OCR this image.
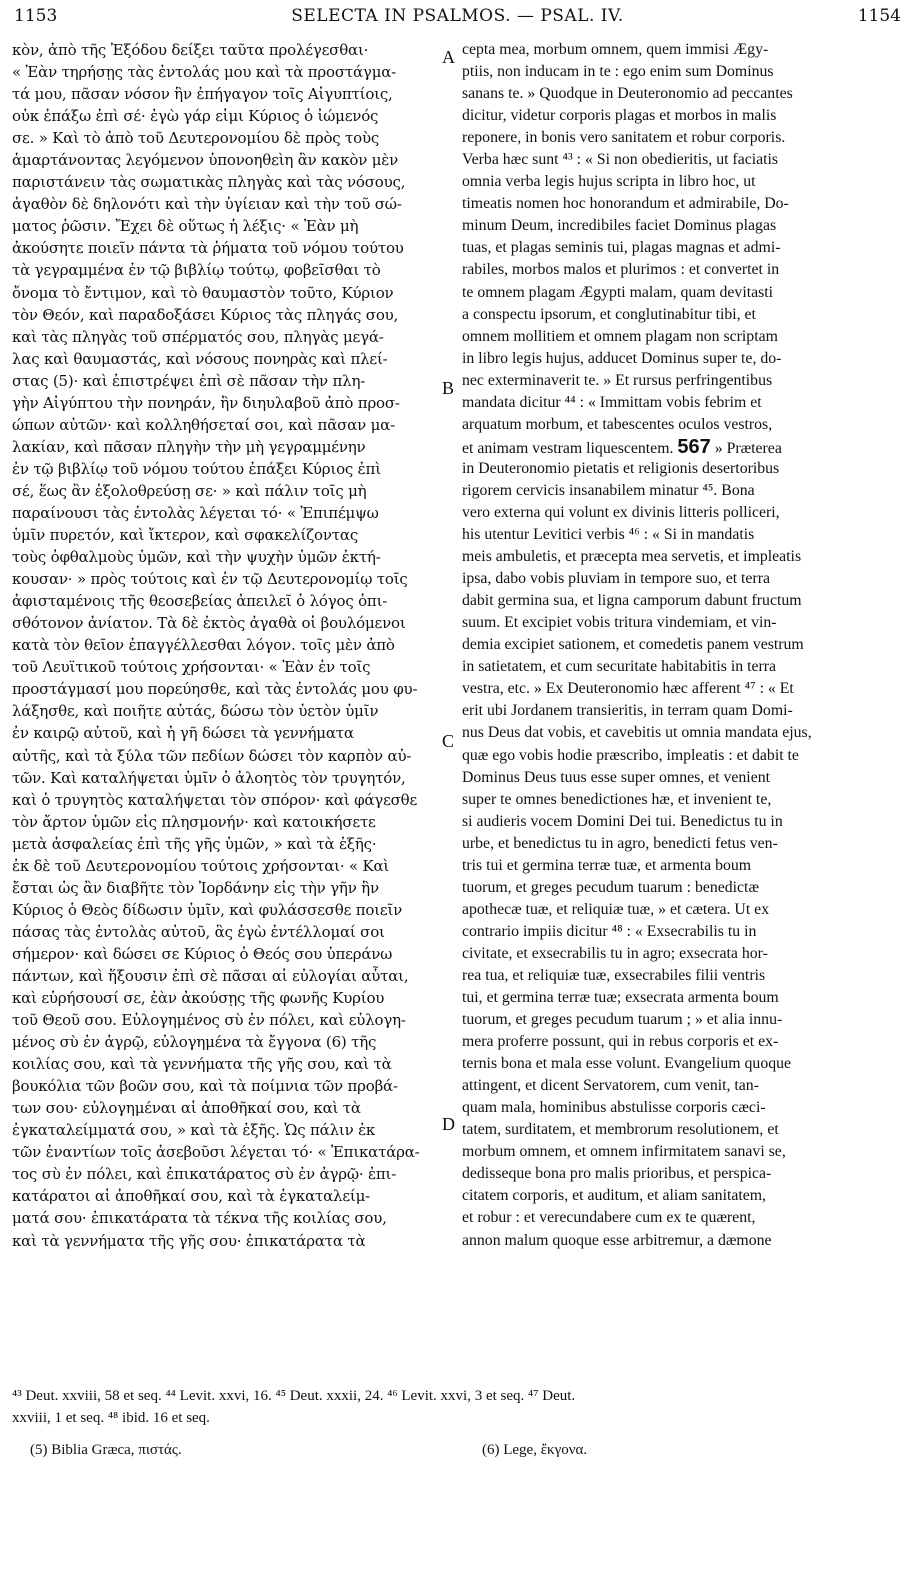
1153	SELECTA IN PSALMOS. — PSAL. IV.	1154
κὸν, ἀπὸ τῆς Ἐξόδου δείξει ταῦτα προλέγεσθαι·
« Ἐὰν τηρήσῃς τὰς ἐντολάς μου καὶ τὰ προστάγμα-
τά μου, πᾶσαν νόσον ἣν ἐπήγαγον τοῖς Αἰγυπτίοις,
οὐκ ἐπάξω ἐπὶ σέ· ἐγὼ γάρ εἰμι Κύριος ὁ ἰώμενός
σε. » Καὶ τὸ ἀπὸ τοῦ Δευτερονομίου δὲ πρὸς τοὺς
ἁμαρτάνοντας λεγόμενον ὑπονοηθεὶη ἂν κακὸν μὲν
παριστάνειν τὰς σωματικὰς πληγὰς καὶ τὰς νόσους,
ἀγαθὸν δὲ δηλονότι καὶ τὴν ὑγίειαν καὶ τὴν τοῦ σώ-
ματος ῥῶσιν. Ἔχει δὲ οὕτως ἡ λέξις· « Ἐὰν μὴ
ἀκούσητε ποιεῖν πάντα τὰ ῥήματα τοῦ νόμου τούτου
τὰ γεγραμμένα ἐν τῷ βιβλίῳ τούτῳ, φοβεῖσθαι τὸ
ὄνομα τὸ ἔντιμον, καὶ τὸ θαυμαστὸν τοῦτο, Κύριον
τὸν Θεόν, καὶ παραδοξάσει Κύριος τὰς πληγάς σου,
καὶ τὰς πληγὰς τοῦ σπέρματός σου, πληγὰς μεγά-
λας καὶ θαυμαστάς, καὶ νόσους πονηρὰς καὶ πλεί-
στας (5)· καὶ ἐπιστρέψει ἐπὶ σὲ πᾶσαν τὴν πλη-
γὴν Αἰγύπτου τὴν πονηράν, ἣν διηυλαβοῦ ἀπὸ προσ-
ώπων αὐτῶν· καὶ κολληθήσεταί σοι, καὶ πᾶσαν μα-
λακίαν, καὶ πᾶσαν πληγὴν τὴν μὴ γεγραμμένην
ἐν τῷ βιβλίῳ τοῦ νόμου τούτου ἐπάξει Κύριος ἐπὶ
σέ, ἕως ἂν ἐξολοθρεύσῃ σε· » καὶ πάλιν τοῖς μὴ
παραίνουσι τὰς ἐντολὰς λέγεται τό· « Ἐπιπέμψω
ὑμῖν πυρετόν, καὶ ἴκτερον, καὶ σφακελίζοντας
τοὺς ὀφθαλμοὺς ὑμῶν, καὶ τὴν ψυχὴν ὑμῶν ἐκτή-
κουσαν· » πρὸς τούτοις καὶ ἐν τῷ Δευτερονομίῳ τοῖς
ἀφισταμένοις τῆς θεοσεβείας ἀπειλεῖ ὁ λόγος ὀπι-
σθότονον ἀνίατον. Τὰ δὲ ἐκτὸς ἀγαθὰ οἱ βουλόμενοι
κατὰ τὸν θεῖον ἐπαγγέλλεσθαι λόγον. τοῖς μὲν ἀπὸ
τοῦ Λευϊτικοῦ τούτοις χρήσονται· « Ἐὰν ἐν τοῖς
προστάγμασί μου πορεύησθε, καὶ τὰς ἐντολάς μου φυ-
λάξησθε, καὶ ποιῆτε αὐτάς, δώσω τὸν ὑετὸν ὑμῖν
ἐν καιρῷ αὐτοῦ, καὶ ἡ γῆ δώσει τὰ γεννήματα
αὐτῆς, καὶ τὰ ξύλα τῶν πεδίων δώσει τὸν καρπὸν αὐ-
τῶν. Καὶ καταλήψεται ὑμῖν ὁ ἀλοητὸς τὸν τρυγητόν,
καὶ ὁ τρυγητὸς καταλήψεται τὸν σπόρον· καὶ φάγεσθε
τὸν ἄρτον ὑμῶν εἰς πλησμονήν· καὶ κατοικήσετε
μετὰ ἀσφαλείας ἐπὶ τῆς γῆς ὑμῶν, » καὶ τὰ ἑξῆς·
ἐκ δὲ τοῦ Δευτερονομίου τούτοις χρήσονται· « Καὶ
ἔσται ὡς ἂν διαβῆτε τὸν Ἰορδάνην εἰς τὴν γῆν ἣν
Κύριος ὁ Θεὸς δίδωσιν ὑμῖν, καὶ φυλάσσεσθε ποιεῖν
πάσας τὰς ἐντολὰς αὐτοῦ, ἃς ἐγὼ ἐντέλλομαί σοι
σήμερον· καὶ δώσει σε Κύριος ὁ Θεός σου ὑπεράνω
πάντων, καὶ ἥξουσιν ἐπὶ σὲ πᾶσαι αἱ εὐλογίαι αὗται,
καὶ εὑρήσουσί σε, ἐὰν ἀκούσῃς τῆς φωνῆς Κυρίου
τοῦ Θεοῦ σου. Εὐλογημένος σὺ ἐν πόλει, καὶ εὐλογη-
μένος σὺ ἐν ἀγρῷ, εὐλογημένα τὰ ἔγγονα (6) τῆς
κοιλίας σου, καὶ τὰ γεννήματα τῆς γῆς σου, καὶ τὰ
βουκόλια τῶν βοῶν σου, καὶ τὰ ποίμνια τῶν προβά-
των σου· εὐλογημέναι αἱ ἀποθῆκαί σου, καὶ τὰ
ἐγκαταλείμματά σου, » καὶ τὰ ἑξῆς. Ὡς πάλιν ἐκ
τῶν ἐναντίων τοῖς ἀσεβοῦσι λέγεται τό· « Ἐπικατάρα-
τος σὺ ἐν πόλει, καὶ ἐπικατάρατος σὺ ἐν ἀγρῷ· ἐπι-
κατάρατοι αἱ ἀποθῆκαί σου, καὶ τὰ ἐγκαταλείμ-
ματά σου· ἐπικατάρατα τὰ τέκνα τῆς κοιλίας σου,
καὶ τὰ γεννήματα τῆς γῆς σου· ἐπικατάρατα τὰ
cepta mea, morbum omnem, quem immisi Ægy-
ptiis, non inducam in te : ego enim sum Dominus
sanans te. » Quodque in Deuteronomio ad peccantes
dicitur, videtur corporis plagas et morbos in malis
reponere, in bonis vero sanitatem et robur corporis.
Verba hæc sunt ⁴³ : « Si non obedieritis, ut faciatis
omnia verba legis hujus scripta in libro hoc, ut
timeatis nomen hoc honorandum et admirabile, Do-
minum Deum, incredibiles faciet Dominus plagas
tuas, et plagas seminis tui, plagas magnas et admi-
rabiles, morbos malos et plurimos : et convertet in
te omnem plagam Ægypti malam, quam devitasti
a conspectu ipsorum, et conglutinabitur tibi, et
omnem mollitiem et omnem plagam non scriptam
in libro legis hujus, adducet Dominus super te, do-
nec exterminaverit te. » Et rursus perfringentibus
mandata dicitur ⁴⁴ : « Immittam vobis febrim et
arquatum morbum, et tabescentes oculos vestros,
et animam vestram liquescentem. 567 » Præterea
in Deuteronomio pietatis et religionis desertoribus
rigorem cervicis insanabilem minatur ⁴⁵. Bona
vero externa qui volunt ex divinis litteris polliceri,
his utentur Levitici verbis ⁴⁶ : « Si in mandatis
meis ambuletis, et præcepta mea servetis, et impleatis
ipsa, dabo vobis pluviam in tempore suo, et terra
dabit germina sua, et ligna camporum dabunt fructum
suum. Et excipiet vobis tritura vindemiam, et vin-
demia excipiet sationem, et comedetis panem vestrum
in satietatem, et cum securitate habitabitis in terra
vestra, etc. » Ex Deuteronomio hæc afferent ⁴⁷ : « Et
erit ubi Jordanem transieritis, in terram quam Domi-
nus Deus dat vobis, et cavebitis ut omnia mandata ejus,
quæ ego vobis hodie præscribo, impleatis : et dabit te
Dominus Deus tuus esse super omnes, et venient
super te omnes benedictiones hæ, et invenient te,
si audieris vocem Domini Dei tui. Benedictus tu in
urbe, et benedictus tu in agro, benedicti fetus ven-
tris tui et germina terræ tuæ, et armenta boum
tuorum, et greges pecudum tuarum : benedictæ
apothecæ tuæ, et reliquiæ tuæ, » et cætera. Ut ex
contrario impiis dicitur ⁴⁸ : « Exsecrabilis tu in
civitate, et exsecrabilis tu in agro; exsecrata hor-
rea tua, et reliquiæ tuæ, exsecrabiles filii ventris
tui, et germina terræ tuæ; exsecrata armenta boum
tuorum, et greges pecudum tuarum ; » et alia innu-
mera proferre possunt, qui in rebus corporis et ex-
ternis bona et mala esse volunt. Evangelium quoque
attingent, et dicent Servatorem, cum venit, tan-
quam mala, hominibus abstulisse corporis cæci-
tatem, surditatem, et membrorum resolutionem, et
morbum omnem, et omnem infirmitatem sanavi se,
dedisseque bona pro malis prioribus, et perspica-
citatem corporis, et auditum, et aliam sanitatem,
et robur : et verecundabere cum ex te quærent,
annon malum quoque esse arbitremur, a dæmone
A
B
C
D
⁴³ Deut. xxviii, 58 et seq. ⁴⁴ Levit. xxvi, 16. ⁴⁵ Deut. xxxii, 24. ⁴⁶ Levit. xxvi, 3 et seq. ⁴⁷ Deut.
xxviii, 1 et seq. ⁴⁸ ibid. 16 et seq.
(5) Biblia Græca, πιστάς.	(6) Lege, ἔκγονα.
